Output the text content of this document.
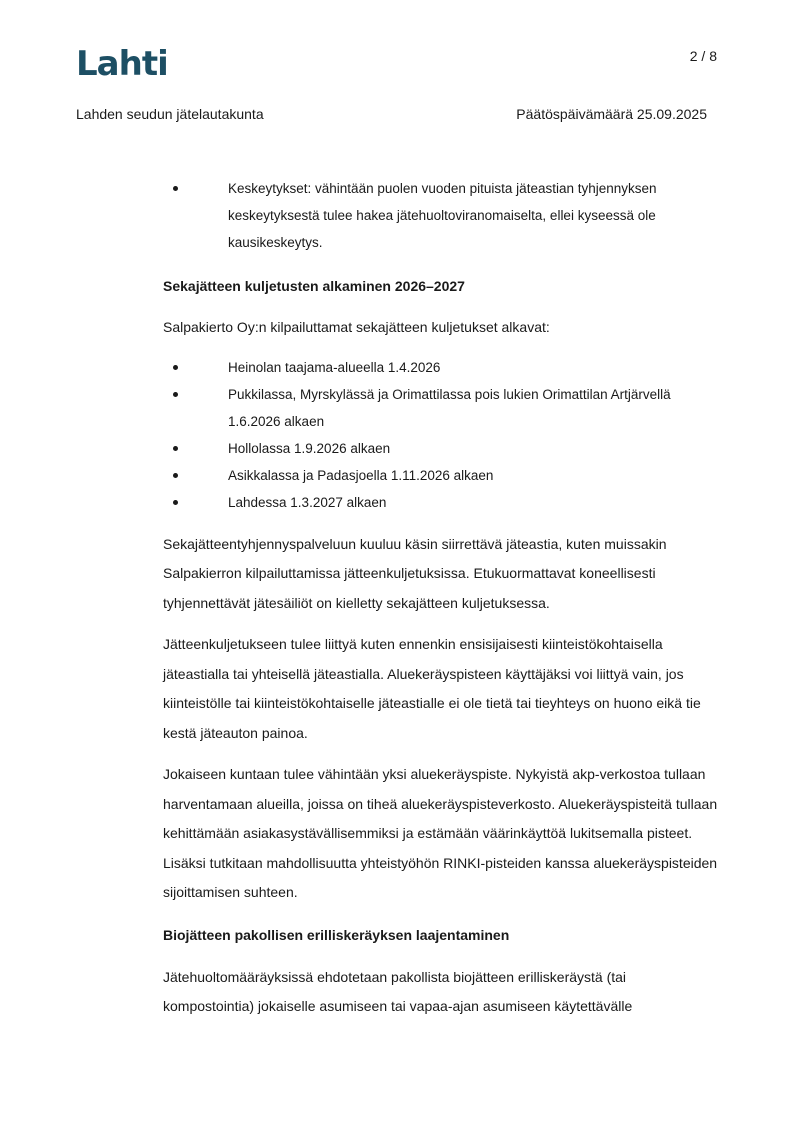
Lahti	2 / 8
Lahden seudun jätelautakunta	Päätöspäivämäärä 25.09.2025
Keskeytykset: vähintään puolen vuoden pituista jäteastian tyhjennyksen keskeytyksestä tulee hakea jätehuoltoviranomaiselta, ellei kyseessä ole kausikeskeytys.
Sekajätteen kuljetusten alkaminen 2026–2027

Salpakierto Oy:n kilpailuttamat sekajätteen kuljetukset alkavat:

Heinolan taajama-alueella 1.4.2026
Pukkilassa, Myrskylässä ja Orimattilassa pois lukien Orimattilan Artjärvellä 1.6.2026 alkaen
Hollolassa 1.9.2026 alkaen
Asikkalassa ja Padasjoella 1.11.2026 alkaen
Lahdessa 1.3.2027 alkaen

Sekajätteentyhjennyspalveluun kuuluu käsin siirrettävä jäteastia, kuten muissakin Salpakierron kilpailuttamissa jätteenkuljetuksissa. Etukuormattavat koneellisesti tyhjennettävät jätesäiliöt on kielletty sekajätteen kuljetuksessa.

Jätteenkuljetukseen tulee liittyä kuten ennenkin ensisijaisesti kiinteistökohtaisella jäteastialla tai yhteisellä jäteastialla. Aluekeräyspisteen käyttäjäksi voi liittyä vain, jos kiinteistölle tai kiinteistökohtaiselle jäteastialle ei ole tietä tai tieyhteys on huono eikä tie kestä jäteauton painoa.

Jokaiseen kuntaan tulee vähintään yksi aluekeräyspiste. Nykyistä akp-verkostoa tullaan harventamaan alueilla, joissa on tiheä aluekeräyspisteverkosto. Aluekeräyspisteitä tullaan kehittämään asiakasystävällisemmiksi ja estämään väärinkäyttöä lukitsemalla pisteet. Lisäksi tutkitaan mahdollisuutta yhteistyöhön RINKI-pisteiden kanssa aluekeräyspisteiden sijoittamisen suhteen.

Biojätteen pakollisen erilliskeräyksen laajentaminen

Jätehuoltomääräyksissä ehdotetaan pakollista biojätteen erilliskeräystä (tai kompostointia) jokaiselle asumiseen tai vapaa-ajan asumiseen käytettävälle
